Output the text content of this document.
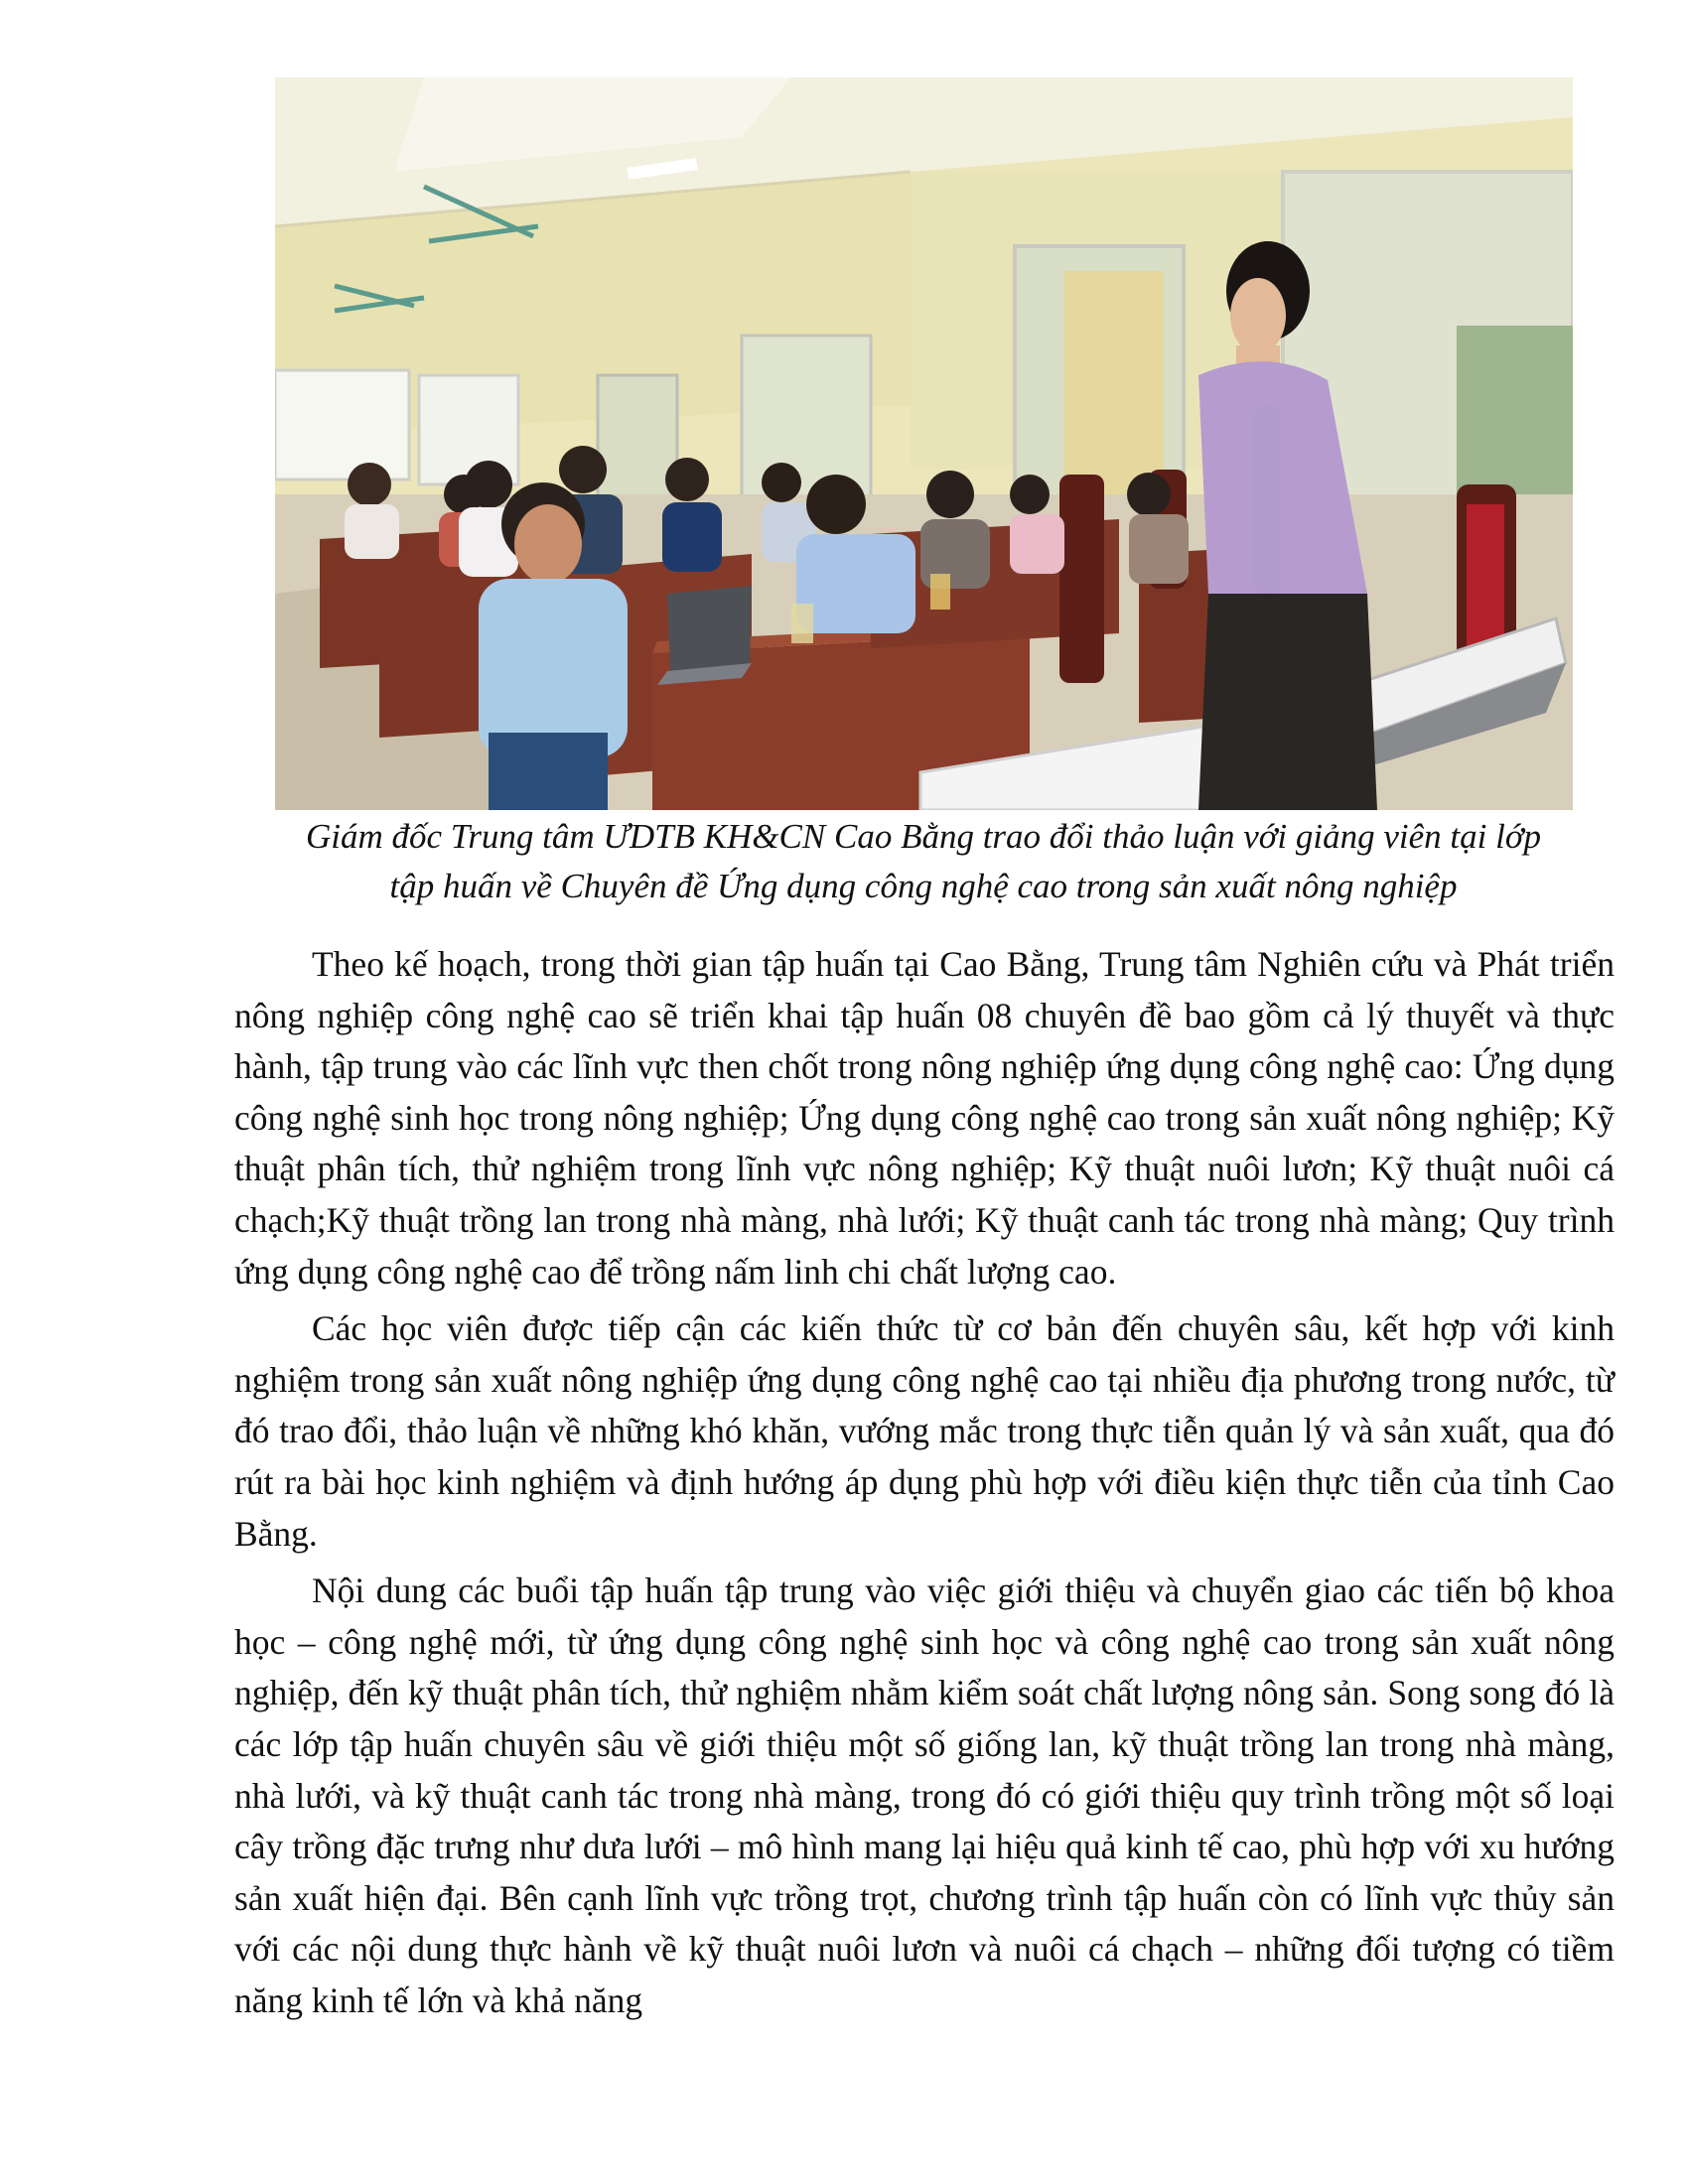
Giám đốc Trung tâm ƯDTB KH&CN Cao Bằng trao đổi thảo luận với giảng viên tại lớp
tập huấn về Chuyên đề Ứng dụng công nghệ cao trong sản xuất nông nghiệp

Theo kế hoạch, trong thời gian tập huấn tại Cao Bằng, Trung tâm Nghiên cứu và Phát triển nông nghiệp công nghệ cao sẽ triển khai tập huấn 08 chuyên đề bao gồm cả lý thuyết và thực hành, tập trung vào các lĩnh vực then chốt trong nông nghiệp ứng dụng công nghệ cao: Ứng dụng công nghệ sinh học trong nông nghiệp; Ứng dụng công nghệ cao trong sản xuất nông nghiệp; Kỹ thuật phân tích, thử nghiệm trong lĩnh vực nông nghiệp; Kỹ thuật nuôi lươn; Kỹ thuật nuôi cá chạch;Kỹ thuật trồng lan trong nhà màng, nhà lưới; Kỹ thuật canh tác trong nhà màng; Quy trình ứng dụng công nghệ cao để trồng nấm linh chi chất lượng cao.

Các học viên được tiếp cận các kiến thức từ cơ bản đến chuyên sâu, kết hợp với kinh nghiệm trong sản xuất nông nghiệp ứng dụng công nghệ cao tại nhiều địa phương trong nước, từ đó trao đổi, thảo luận về những khó khăn, vướng mắc trong thực tiễn quản lý và sản xuất, qua đó rút ra bài học kinh nghiệm và định hướng áp dụng phù hợp với điều kiện thực tiễn của tỉnh Cao Bằng.

Nội dung các buổi tập huấn tập trung vào việc giới thiệu và chuyển giao các tiến bộ khoa học – công nghệ mới, từ ứng dụng công nghệ sinh học và công nghệ cao trong sản xuất nông nghiệp, đến kỹ thuật phân tích, thử nghiệm nhằm kiểm soát chất lượng nông sản. Song song đó là các lớp tập huấn chuyên sâu về giới thiệu một số giống lan, kỹ thuật trồng lan trong nhà màng, nhà lưới, và kỹ thuật canh tác trong nhà màng, trong đó có giới thiệu quy trình trồng một số loại cây trồng đặc trưng như dưa lưới – mô hình mang lại hiệu quả kinh tế cao, phù hợp với xu hướng sản xuất hiện đại. Bên cạnh lĩnh vực trồng trọt, chương trình tập huấn còn có lĩnh vực thủy sản với các nội dung thực hành về kỹ thuật nuôi lươn và nuôi cá chạch – những đối tượng có tiềm năng kinh tế lớn và khả năng
